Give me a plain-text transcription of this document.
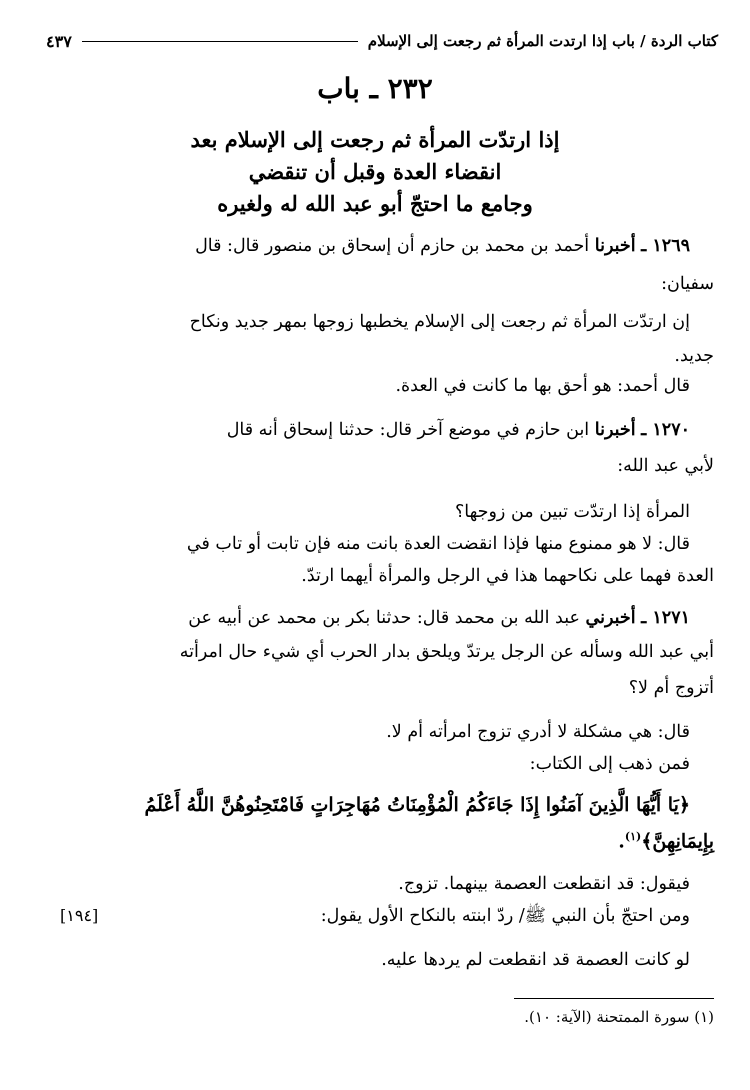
كتاب الردة / باب إذا ارتدت المرأة ثم رجعت إلى الإسلام
٤٣٧
٢٣٢ ـ باب
إذا ارتدّت المرأة ثم رجعت إلى الإسلام بعد
انقضاء العدة وقبل أن تنقضي
وجامع ما احتجّ أبو عبد الله له ولغيره
١٢٦٩ ـ أخبرنا أحمد بن محمد بن حازم أن إسحاق بن منصور قال: قال
سفيان:
إن ارتدّت المرأة ثم رجعت إلى الإسلام يخطبها زوجها بمهر جديد ونكاح
جديد.
قال أحمد: هو أحق بها ما كانت في العدة.
١٢٧٠ ـ أخبرنا ابن حازم في موضع آخر قال: حدثنا إسحاق أنه قال
لأبي عبد الله:
المرأة إذا ارتدّت تبين من زوجها؟
قال: لا هو ممنوع منها فإذا انقضت العدة بانت منه فإن تابت أو تاب في
العدة فهما على نكاحهما هذا في الرجل والمرأة أيهما ارتدّ.
١٢٧١ ـ أخبرني عبد الله بن محمد قال: حدثنا بكر بن محمد عن أبيه عن
أبي عبد الله وسأله عن الرجل يرتدّ ويلحق بدار الحرب أي شيء حال امرأته
أتزوج أم لا؟
قال: هي مشكلة لا أدري تزوج امرأته أم لا.
فمن ذهب إلى الكتاب:
﴿يَا أَيُّهَا الَّذِينَ آمَنُوا إِذَا جَاءَكُمُ الْمُؤْمِنَاتُ مُهَاجِرَاتٍ فَامْتَحِنُوهُنَّ اللَّهُ أَعْلَمُ
بِإِيمَانِهِنَّ﴾$^{(١)}$.
فيقول: قد انقطعت العصمة بينهما. تزوج.
ومن احتجّ بأن النبي ﷺ/ ردّ ابنته بالنكاح الأول يقول:
لو كانت العصمة قد انقطعت لم يردها عليه.
[١٩٤]
(١) سورة الممتحنة (الآية: ١٠).
